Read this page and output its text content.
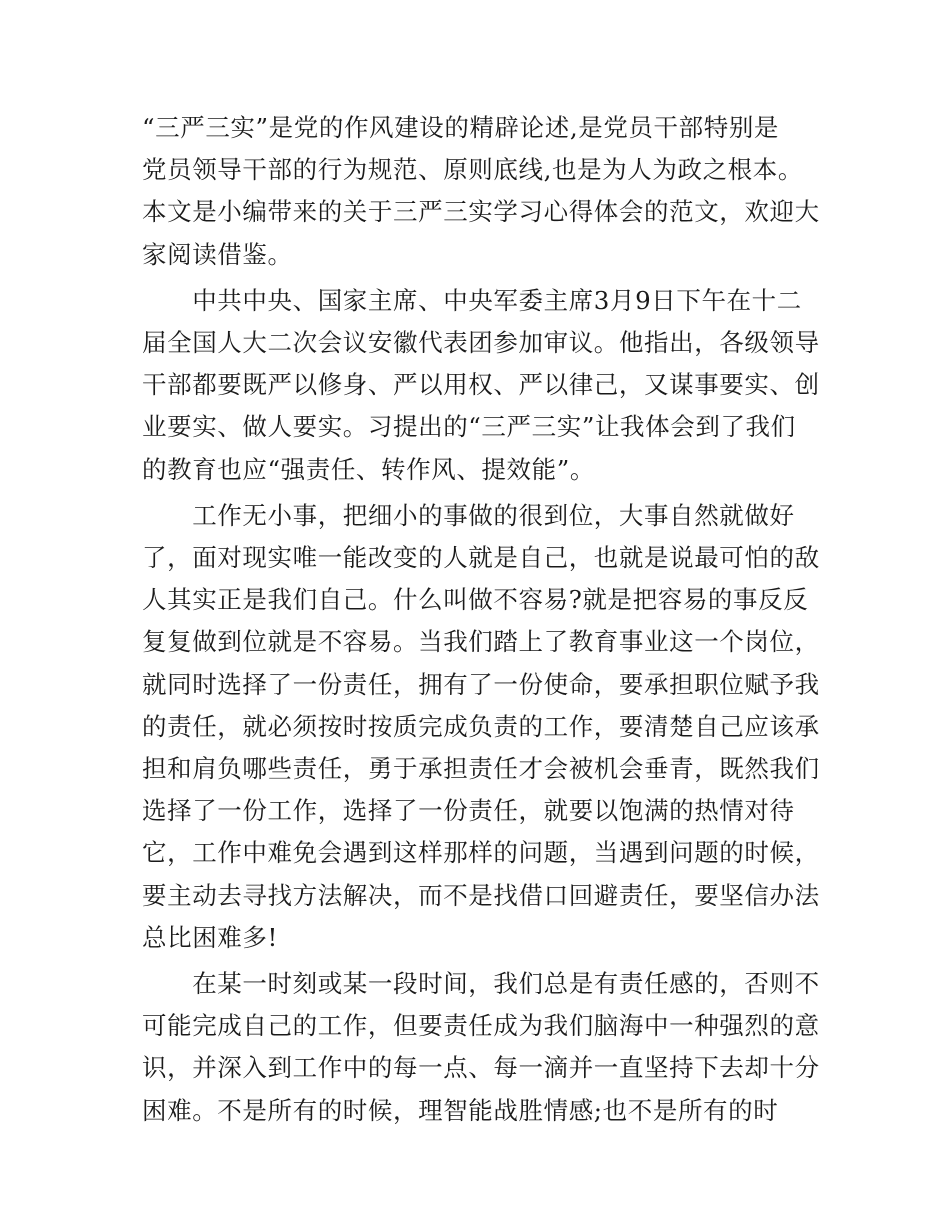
“三严三实”是党的作风建设的精辟论述,是党员干部特别是
党员领导干部的行为规范、原则底线,也是为人为政之根本。
本文是小编带来的关于三严三实学习心得体会的范文，欢迎大
家阅读借鉴。
　　中共中央、国家主席、中央军委主席3月9日下午在十二
届全国人大二次会议安徽代表团参加审议。他指出，各级领导
干部都要既严以修身、严以用权、严以律己，又谋事要实、创
业要实、做人要实。习提出的“三严三实”让我体会到了我们
的教育也应“强责任、转作风、提效能”。
　　工作无小事，把细小的事做的很到位，大事自然就做好
了，面对现实唯一能改变的人就是自己，也就是说最可怕的敌
人其实正是我们自己。什么叫做不容易?就是把容易的事反反
复复做到位就是不容易。当我们踏上了教育事业这一个岗位，
就同时选择了一份责任，拥有了一份使命，要承担职位赋予我
的责任，就必须按时按质完成负责的工作，要清楚自己应该承
担和肩负哪些责任，勇于承担责任才会被机会垂青，既然我们
选择了一份工作，选择了一份责任，就要以饱满的热情对待
它，工作中难免会遇到这样那样的问题，当遇到问题的时候，
要主动去寻找方法解决，而不是找借口回避责任，要坚信办法
总比困难多!
　　在某一时刻或某一段时间，我们总是有责任感的，否则不
可能完成自己的工作，但要责任成为我们脑海中一种强烈的意
识，并深入到工作中的每一点、每一滴并一直坚持下去却十分
困难。不是所有的时候，理智能战胜情感;也不是所有的时
